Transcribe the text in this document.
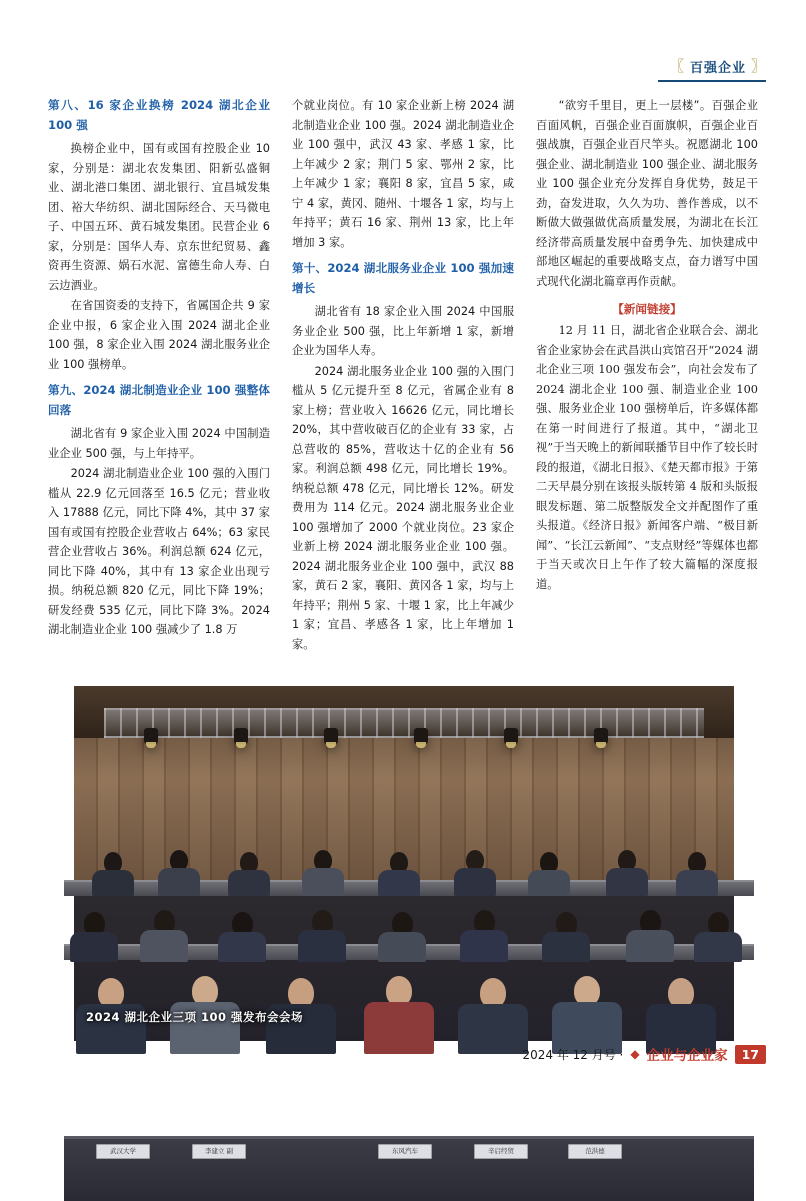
〖 百强企业 〗
第八、16 家企业换榜 2024 湖北企业 100 强

换榜企业中，国有或国有控股企业 10 家，分别是：湖北农发集团、阳新弘盛铜业、湖北港口集团、湖北银行、宜昌城发集团、裕大华纺织、湖北国际经合、天马微电子、中国五环、黄石城发集团。民营企业 6 家，分别是：国华人寿、京东世纪贸易、鑫资再生资源、娲石水泥、富德生命人寿、白云边酒业。

在省国资委的支持下，省属国企共 9 家企业中报，6 家企业入围 2024 湖北企业 100 强，8 家企业入围 2024 湖北服务业企业 100 强榜单。

第九、2024 湖北制造业企业 100 强整体回落

湖北省有 9 家企业入围 2024 中国制造业企业 500 强，与上年持平。

2024 湖北制造业企业 100 强的入围门槛从 22.9 亿元回落至 16.5 亿元；营业收入 17888 亿元，同比下降 4%，其中 37 家国有或国有控股企业营收占 64%；63 家民营企业营收占 36%。利润总额 624 亿元，同比下降 40%，其中有 13 家企业出现亏损。纳税总额 820 亿元，同比下降 19%；研发经费 535 亿元，同比下降 3%。2024 湖北制造业企业 100 强减少了 1.8 万

个就业岗位。有 10 家企业新上榜 2024 湖北制造业企业 100 强。2024 湖北制造业企业 100 强中，武汉 43 家、孝感 1 家，比上年减少 2 家；荆门 5 家、鄂州 2 家，比上年减少 1 家；襄阳 8 家，宜昌 5 家，咸宁 4 家，黄冈、随州、十堰各 1 家，均与上年持平；黄石 16 家、荆州 13 家，比上年增加 3 家。

第十、2024 湖北服务业企业 100 强加速增长

湖北省有 18 家企业入围 2024 中国服务业企业 500 强，比上年新增 1 家，新增企业为国华人寿。

2024 湖北服务业企业 100 强的入围门槛从 5 亿元提升至 8 亿元，省属企业有 8 家上榜；营业收入 16626 亿元，同比增长 20%，其中营收破百亿的企业有 33 家，占总营收的 85%，营收达十亿的企业有 56 家。利润总额 498 亿元，同比增长 19%。纳税总额 478 亿元，同比增长 12%。研发费用为 114 亿元。2024 湖北服务业企业 100 强增加了 2000 个就业岗位。23 家企业新上榜 2024 湖北服务业企业 100 强。2024 湖北服务业企业 100 强中，武汉 88 家，黄石 2 家，襄阳、黄冈各 1 家，均与上年持平；荆州 5 家、十堰 1 家，比上年减少 1 家；宜昌、孝感各 1 家，比上年增加 1 家。

“欲穷千里目，更上一层楼”。百强企业百面风帆，百强企业百面旗帜，百强企业百强战旗，百强企业百尺竿头。祝愿湖北 100 强企业、湖北制造业 100 强企业、湖北服务业 100 强企业充分发挥自身优势，鼓足干劲，奋发进取，久久为功、善作善成，以不断做大做强做优高质量发展，为湖北在长江经济带高质量发展中奋勇争先、加快建成中部地区崛起的重要战略支点，奋力谱写中国式现代化湖北篇章再作贡献。

【新闻链接】

12 月 11 日，湖北省企业联合会、湖北省企业家协会在武昌洪山宾馆召开“2024 湖北企业三项 100 强发布会”，向社会发布了 2024 湖北企业 100 强、制造业企业 100 强、服务业企业 100 强榜单后，许多媒体都在第一时间进行了报道。其中，“湖北卫视”于当天晚上的新闻联播节目中作了较长时段的报道，《湖北日报》、《楚天都市报》于第二天早晨分别在该报头版转第 4 版和头版报眼发标题、第二版整版发全文并配图作了重头报道。《经济日报》新闻客户端、“极目新闻”、“长江云新闻”、“支点财经”等媒体也都于当天或次日上午作了较大篇幅的深度报道。

武汉大学	李建立 副	东风汽车	辛启经贸	范洪德
2024 湖北企业三项 100 强发布会会场
2024 年 12 月号 · ◆ 企业与企业家	17
